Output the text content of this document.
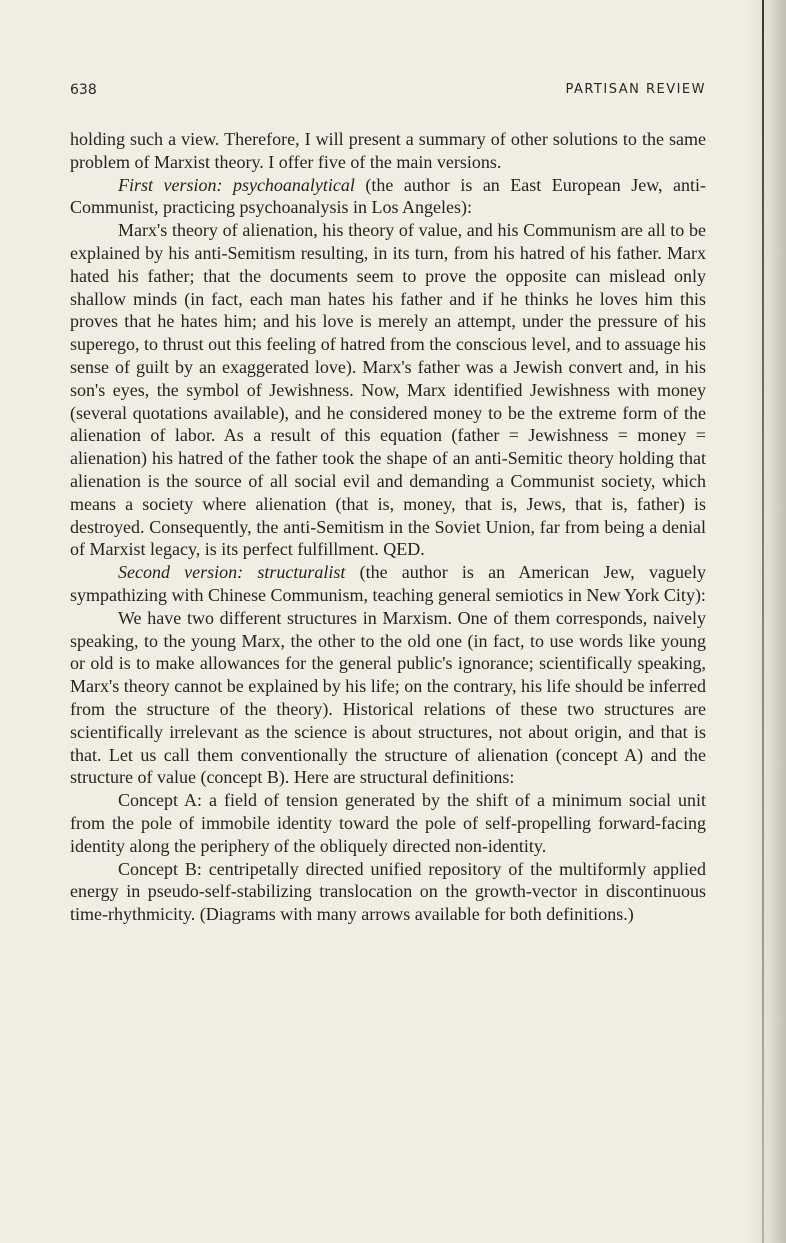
638	PARTISAN REVIEW

holding such a view. Therefore, I will present a summary of other solutions to the same problem of Marxist theory. I offer five of the main versions.

First version: psychoanalytical (the author is an East European Jew, anti-Communist, practicing psychoanalysis in Los Angeles):

Marx's theory of alienation, his theory of value, and his Communism are all to be explained by his anti-Semitism resulting, in its turn, from his hatred of his father. Marx hated his father; that the documents seem to prove the opposite can mislead only shallow minds (in fact, each man hates his father and if he thinks he loves him this proves that he hates him; and his love is merely an attempt, under the pressure of his superego, to thrust out this feeling of hatred from the conscious level, and to assuage his sense of guilt by an exaggerated love). Marx's father was a Jewish convert and, in his son's eyes, the symbol of Jewishness. Now, Marx identified Jewishness with money (several quotations available), and he considered money to be the extreme form of the alienation of labor. As a result of this equation (father = Jewishness = money = alienation) his hatred of the father took the shape of an anti-Semitic theory holding that alienation is the source of all social evil and demanding a Communist society, which means a society where alienation (that is, money, that is, Jews, that is, father) is destroyed. Consequently, the anti-Semitism in the Soviet Union, far from being a denial of Marxist legacy, is its perfect fulfillment. QED.

Second version: structuralist (the author is an American Jew, vaguely sympathizing with Chinese Communism, teaching general semiotics in New York City):

We have two different structures in Marxism. One of them corresponds, naively speaking, to the young Marx, the other to the old one (in fact, to use words like young or old is to make allowances for the general public's ignorance; scientifically speaking, Marx's theory cannot be explained by his life; on the contrary, his life should be inferred from the structure of the theory). Historical relations of these two structures are scientifically irrelevant as the science is about structures, not about origin, and that is that. Let us call them conventionally the structure of alienation (concept A) and the structure of value (concept B). Here are structural definitions:

Concept A: a field of tension generated by the shift of a minimum social unit from the pole of immobile identity toward the pole of self-propelling forward-facing identity along the periphery of the obliquely directed non-identity.

Concept B: centripetally directed unified repository of the multiformly applied energy in pseudo-self-stabilizing translocation on the growth-vector in discontinuous time-rhythmicity. (Diagrams with many arrows available for both definitions.)
